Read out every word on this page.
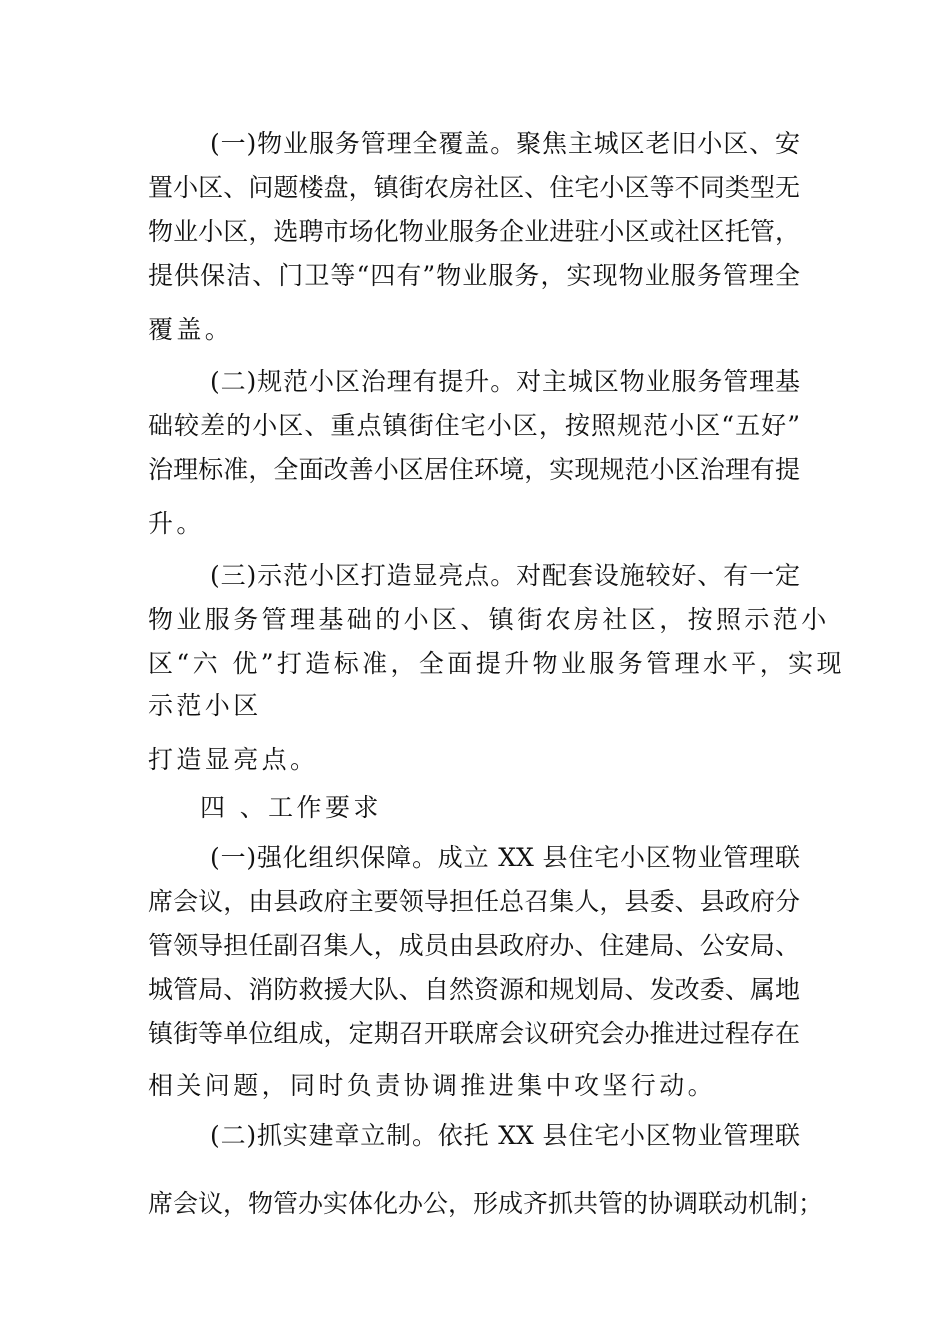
(一)物业服务管理全覆盖。聚焦主城区老旧小区、安
置小区、问题楼盘，镇街农房社区、住宅小区等不同类型无
物业小区，选聘市场化物业服务企业进驻小区或社区托管，
提供保洁、门卫等“四有”物业服务，实现物业服务管理全
覆盖。
(二)规范小区治理有提升。对主城区物业服务管理基
础较差的小区、重点镇街住宅小区，按照规范小区“五好”
治理标准，全面改善小区居住环境，实现规范小区治理有提
升。
(三)示范小区打造显亮点。对配套设施较好、有一定
物业服务管理基础的小区、镇街农房社区，按照示范小
区“六 优”打造标准，全面提升物业服务管理水平，实现
示范小区
打造显亮点。
四 、工作要求
(一)强化组织保障。成立 XX 县住宅小区物业管理联
席会议，由县政府主要领导担任总召集人，县委、县政府分
管领导担任副召集人，成员由县政府办、住建局、公安局、
城管局、消防救援大队、自然资源和规划局、发改委、属地
镇街等单位组成，定期召开联席会议研究会办推进过程存在
相关问题，同时负责协调推进集中攻坚行动。
(二)抓实建章立制。依托 XX 县住宅小区物业管理联
席会议，物管办实体化办公，形成齐抓共管的协调联动机制；
